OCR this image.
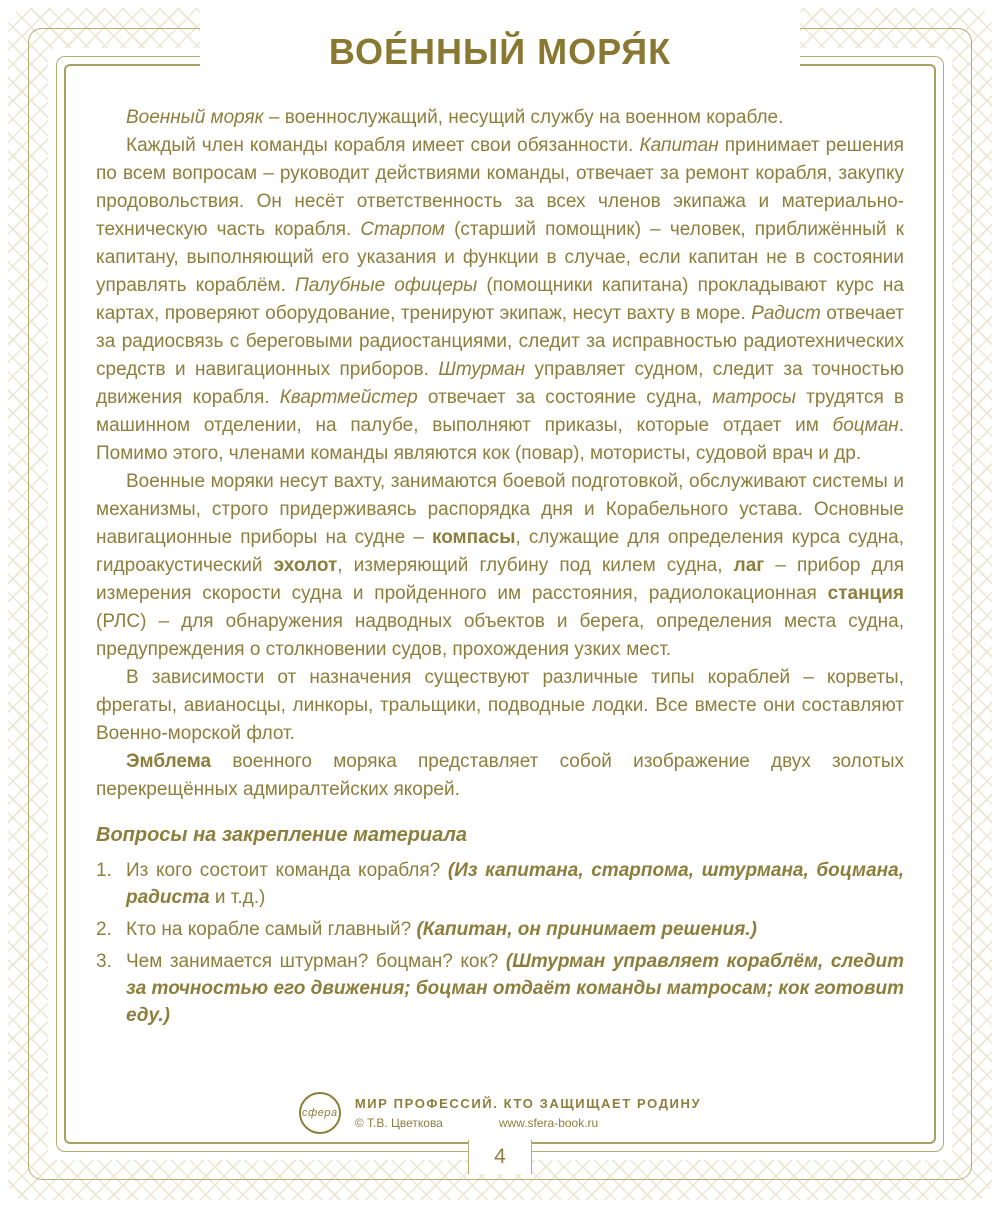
ВОЕ́ННЫЙ МОРЯ́К

Военный моряк – военнослужащий, несущий службу на военном корабле.

Каждый член команды корабля имеет свои обязанности. Капитан принимает решения по всем вопросам – руководит действиями команды, отвечает за ремонт корабля, закупку продовольствия. Он несёт ответственность за всех членов экипажа и материально-техническую часть корабля. Старпом (старший помощник) – человек, приближённый к капитану, выполняющий его указания и функции в случае, если капитан не в состоянии управлять кораблём. Палубные офицеры (помощники капитана) прокладывают курс на картах, проверяют оборудование, тренируют экипаж, несут вахту в море. Радист отвечает за радиосвязь с береговыми радиостанциями, следит за исправностью радиотехнических средств и навигационных приборов. Штурман управляет судном, следит за точностью движения корабля. Квартмейстер отвечает за состояние судна, матросы трудятся в машинном отделении, на палубе, выполняют приказы, которые отдает им боцман. Помимо этого, членами команды являются кок (повар), мотористы, судовой врач и др.

Военные моряки несут вахту, занимаются боевой подготовкой, обслуживают системы и механизмы, строго придерживаясь распорядка дня и Корабельного устава. Основные навигационные приборы на судне – компасы, служащие для определения курса судна, гидроакустический эхолот, измеряющий глубину под килем судна, лаг – прибор для измерения скорости судна и пройденного им расстояния, радиолокационная станция (РЛС) – для обнаружения надводных объектов и берега, определения места судна, предупреждения о столкновении судов, прохождения узких мест.

В зависимости от назначения существуют различные типы кораблей – корветы, фрегаты, авианосцы, линкоры, тральщики, подводные лодки. Все вместе они составляют Военно-морской флот.

Эмблема военного моряка представляет собой изображение двух золотых перекрещённых адмиралтейских якорей.

Вопросы на закрепление материала
1. Из кого состоит команда корабля? (Из капитана, старпома, штурмана, боцмана, радиста и т.д.)
2. Кто на корабле самый главный? (Капитан, он принимает решения.)
3. Чем занимается штурман? боцман? кок? (Штурман управляет кораблём, следит за точностью его движения; боцман отдаёт команды матросам; кок готовит еду.)
сфера
МИР ПРОФЕССИЙ. КТО ЗАЩИЩАЕТ РОДИНУ
© Т.В. Цветкова	www.sfera-book.ru
4
